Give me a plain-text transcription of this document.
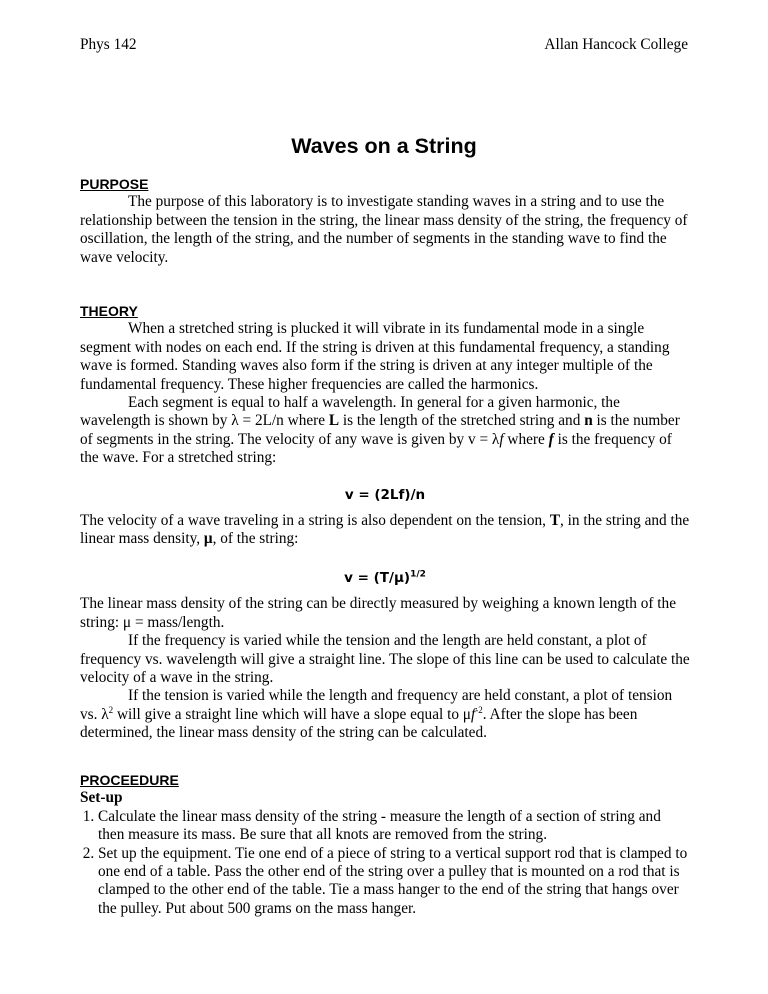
Phys 142	Allan Hancock College
Waves on a String
PURPOSE

The purpose of this laboratory is to investigate standing waves in a string and to use the relationship between the tension in the string, the linear mass density of the string, the frequency of oscillation, the length of the string, and the number of segments in the standing wave to find the wave velocity.

THEORY

When a stretched string is plucked it will vibrate in its fundamental mode in a single segment with nodes on each end. If the string is driven at this fundamental frequency, a standing wave is formed. Standing waves also form if the string is driven at any integer multiple of the fundamental frequency. These higher frequencies are called the harmonics.

Each segment is equal to half a wavelength. In general for a given harmonic, the wavelength is shown by λ = 2L/n where L is the length of the stretched string and n is the number of segments in the string. The velocity of any wave is given by v = λf where f is the frequency of the wave. For a stretched string:

v = (2Lf)/n

The velocity of a wave traveling in a string is also dependent on the tension, T, in the string and the linear mass density, μ, of the string:

$v = (T/\mu)^{1/2}$

The linear mass density of the string can be directly measured by weighing a known length of the string: μ = mass/length.

If the frequency is varied while the tension and the length are held constant, a plot of frequency vs. wavelength will give a straight line. The slope of this line can be used to calculate the velocity of a wave in the string.

If the tension is varied while the length and frequency are held constant, a plot of tension vs. $\lambda^2$ will give a straight line which will have a slope equal to $\mu f^{-2}$. After the slope has been determined, the linear mass density of the string can be calculated.

PROCEEDURE
Set-up
1. Calculate the linear mass density of the string - measure the length of a section of string and then measure its mass. Be sure that all knots are removed from the string.
2. Set up the equipment. Tie one end of a piece of string to a vertical support rod that is clamped to one end of a table. Pass the other end of the string over a pulley that is mounted on a rod that is clamped to the other end of the table. Tie a mass hanger to the end of the string that hangs over the pulley. Put about 500 grams on the mass hanger.
